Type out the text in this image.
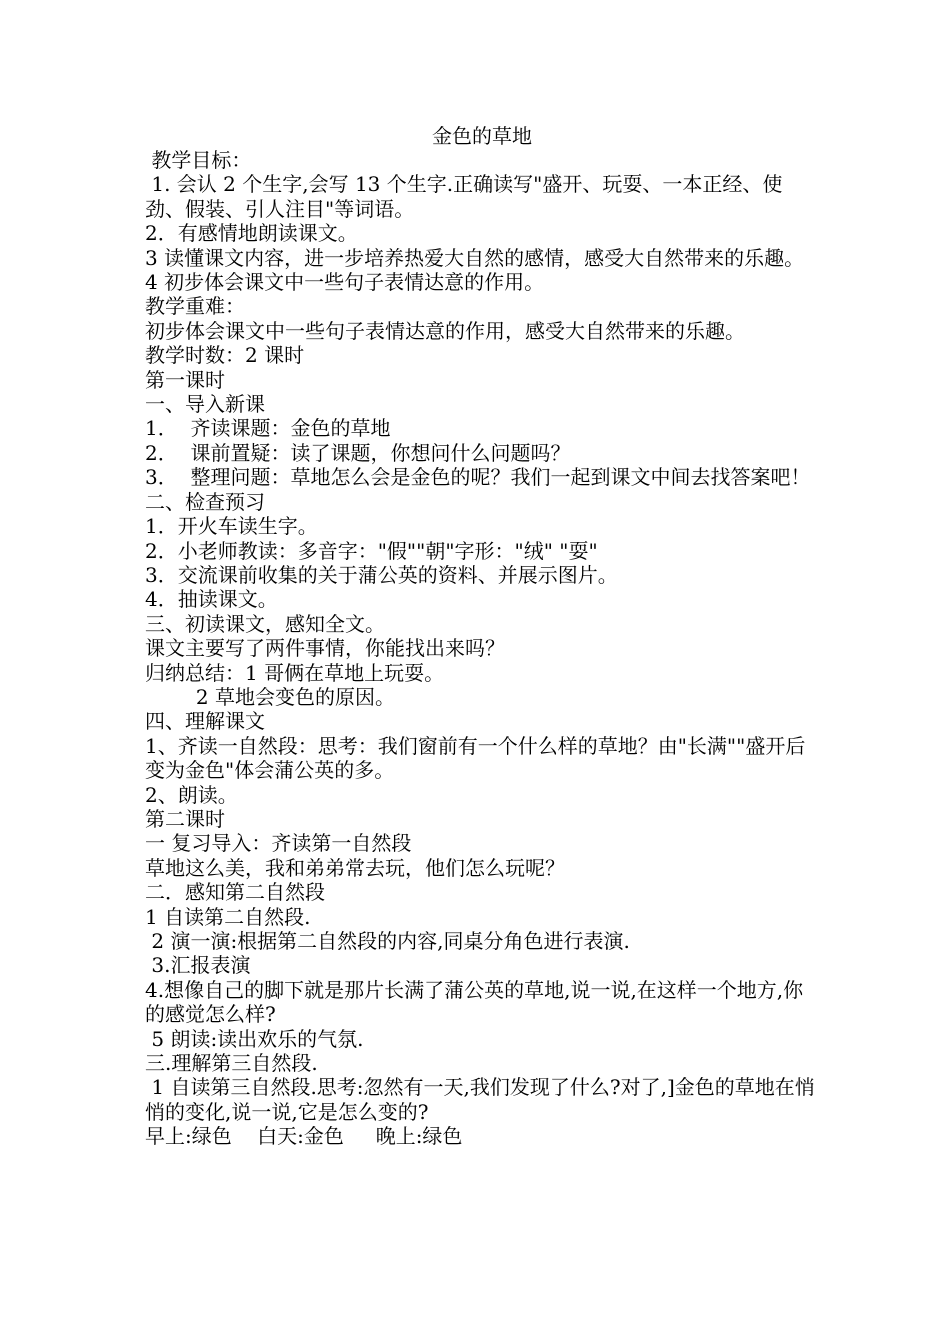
金色的草地
教学目标：
1. 会认 2 个生字,会写 13 个生字.正确读写"盛开、玩耍、一本正经、使劲、假装、引人注目"等词语。
2．有感情地朗读课文。
3 读懂课文内容，进一步培养热爱大自然的感情，感受大自然带来的乐趣。
4 初步体会课文中一些句子表情达意的作用。
教学重难：
初步体会课文中一些句子表情达意的作用，感受大自然带来的乐趣。
教学时数：2 课时
第一课时
一、导入新课
1．  齐读课题：金色的草地
2．  课前置疑：读了课题，你想问什么问题吗？
3．  整理问题：草地怎么会是金色的呢？我们一起到课文中间去找答案吧！
二、检查预习
1．开火车读生字。
2．小老师教读：多音字："假""朝"字形："绒" "耍"
3．交流课前收集的关于蒲公英的资料、并展示图片。
4．抽读课文。
三、初读课文，感知全文。
课文主要写了两件事情，你能找出来吗？
归纳总结：1 哥俩在草地上玩耍。
2 草地会变色的原因。
四、理解课文
1、齐读一自然段：思考：我们窗前有一个什么样的草地？由"长满""盛开后变为金色"体会蒲公英的多。
2、朗读。
第二课时
一 复习导入：齐读第一自然段
草地这么美，我和弟弟常去玩，他们怎么玩呢？
二．感知第二自然段
1 自读第二自然段.
2 演一演:根据第二自然段的内容,同桌分角色进行表演.
3.汇报表演
4.想像自己的脚下就是那片长满了蒲公英的草地,说一说,在这样一个地方,你的感觉怎么样?
5 朗读:读出欢乐的气氛.
三.理解第三自然段.
1 自读第三自然段.思考:忽然有一天,我们发现了什么?对了,]金色的草地在悄悄的变化,说一说,它是怎么变的?
早上:绿色    白天:金色     晚上:绿色
